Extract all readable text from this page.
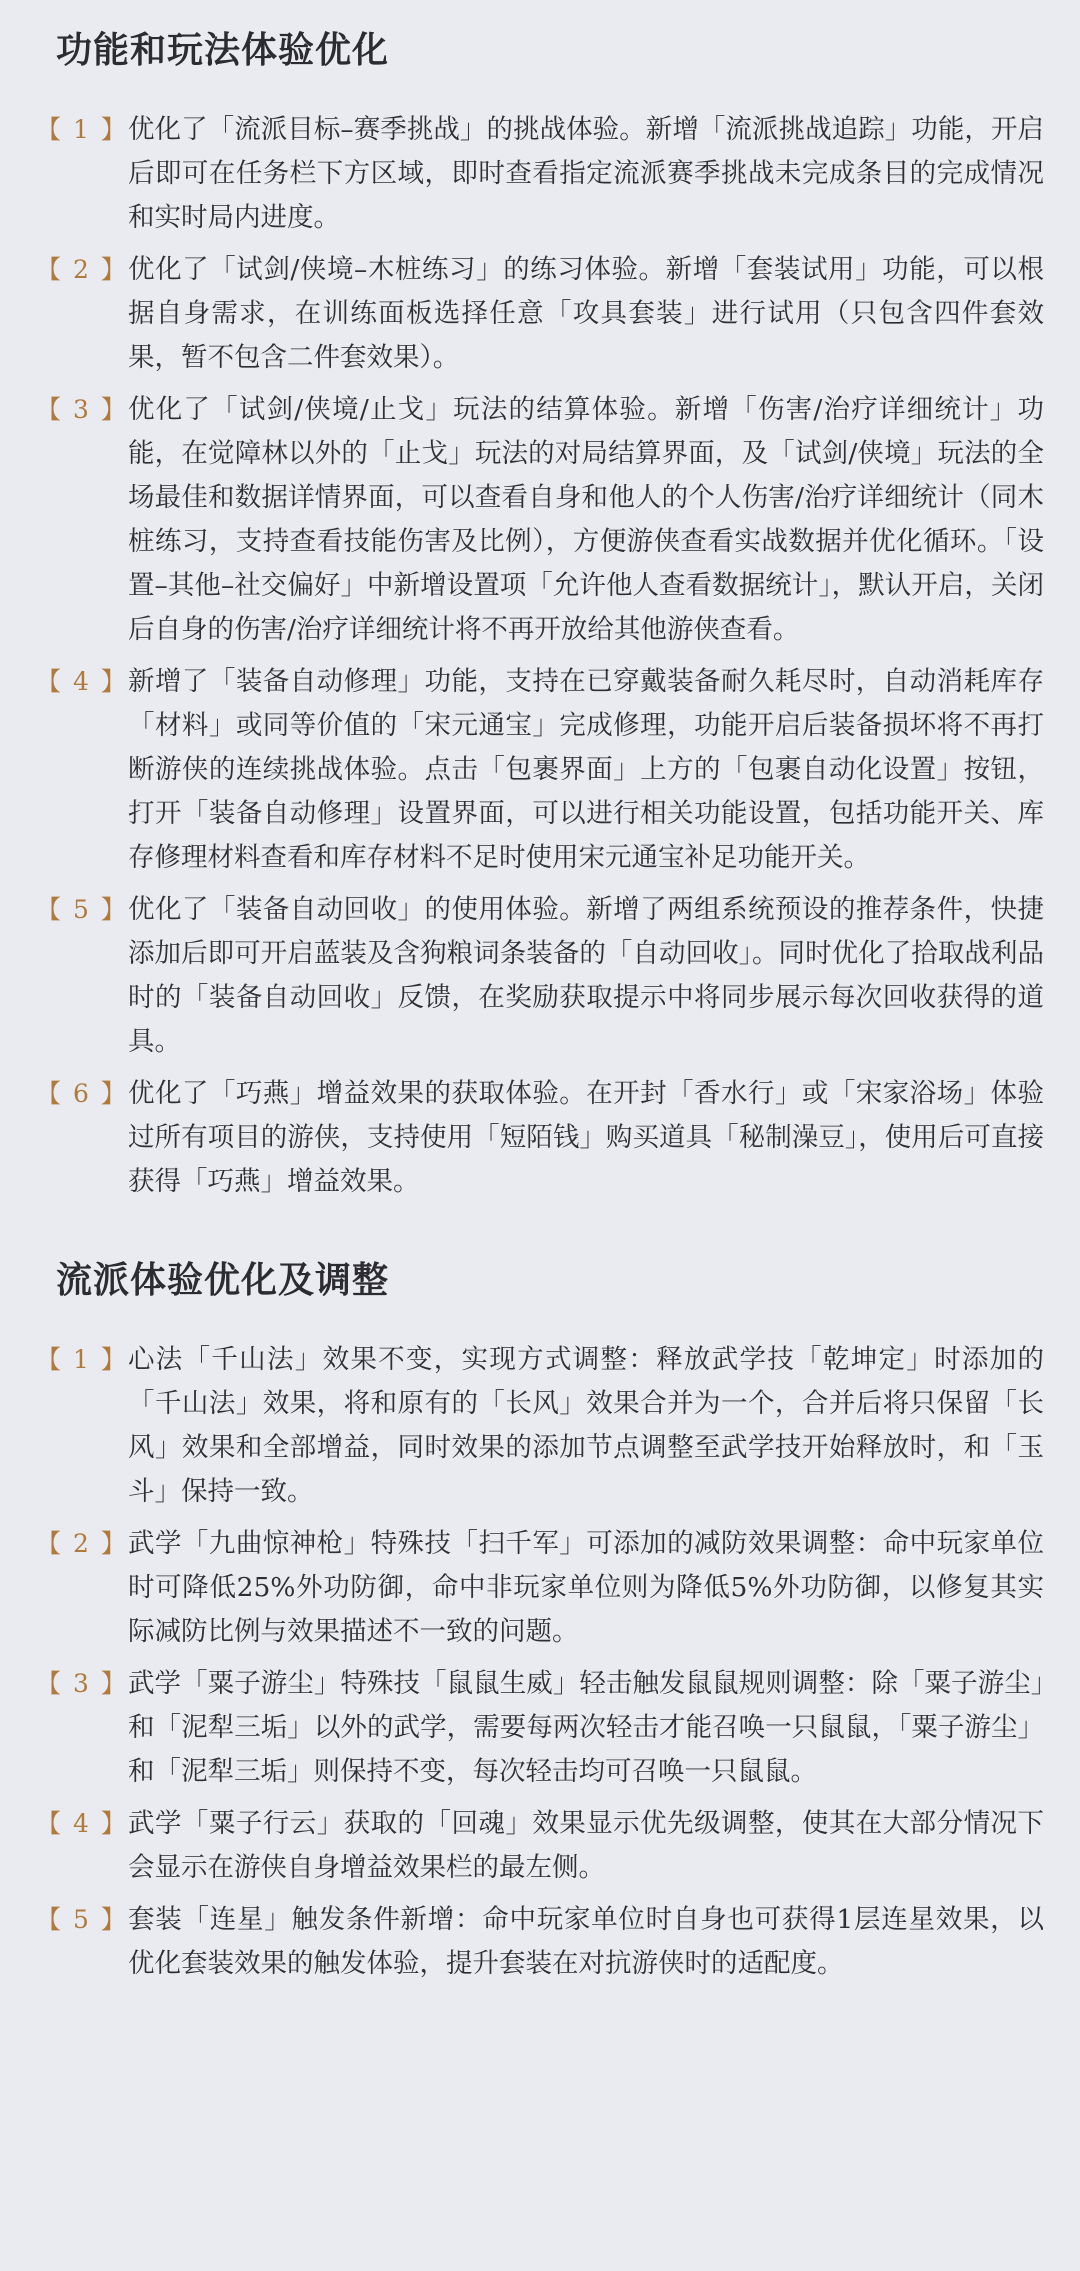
功能和玩法体验优化
【 1 】 优化了「流派目标–赛季挑战」的挑战体验。新增「流派挑战追踪」功能，开启后即可在任务栏下方区域，即时查看指定流派赛季挑战未完成条目的完成情况和实时局内进度。
【 2 】 优化了「试剑/侠境–木桩练习」的练习体验。新增「套装试用」功能，可以根据自身需求，在训练面板选择任意「攻具套装」进行试用（只包含四件套效果，暂不包含二件套效果）。
【 3 】 优化了「试剑/侠境/止戈」玩法的结算体验。新增「伤害/治疗详细统计」功能，在觉障林以外的「止戈」玩法的对局结算界面，及「试剑/侠境」玩法的全场最佳和数据详情界面，可以查看自身和他人的个人伤害/治疗详细统计（同木桩练习，支持查看技能伤害及比例），方便游侠查看实战数据并优化循环。「设置–其他–社交偏好」中新增设置项「允许他人查看数据统计」，默认开启，关闭后自身的伤害/治疗详细统计将不再开放给其他游侠查看。
【 4 】 新增了「装备自动修理」功能，支持在已穿戴装备耐久耗尽时，自动消耗库存「材料」或同等价值的「宋元通宝」完成修理，功能开启后装备损坏将不再打断游侠的连续挑战体验。点击「包裹界面」上方的「包裹自动化设置」按钮，打开「装备自动修理」设置界面，可以进行相关功能设置，包括功能开关、库存修理材料查看和库存材料不足时使用宋元通宝补足功能开关。
【 5 】 优化了「装备自动回收」的使用体验。新增了两组系统预设的推荐条件，快捷添加后即可开启蓝装及含狗粮词条装备的「自动回收」。同时优化了拾取战利品时的「装备自动回收」反馈，在奖励获取提示中将同步展示每次回收获得的道具。
【 6 】 优化了「巧燕」增益效果的获取体验。在开封「香水行」或「宋家浴场」体验过所有项目的游侠，支持使用「短陌钱」购买道具「秘制澡豆」，使用后可直接获得「巧燕」增益效果。
流派体验优化及调整
【 1 】 心法「千山法」效果不变，实现方式调整：释放武学技「乾坤定」时添加的「千山法」效果，将和原有的「长风」效果合并为一个，合并后将只保留「长风」效果和全部增益，同时效果的添加节点调整至武学技开始释放时，和「玉斗」保持一致。
【 2 】 武学「九曲惊神枪」特殊技「扫千军」可添加的减防效果调整：命中玩家单位时可降低25%外功防御，命中非玩家单位则为降低5%外功防御，以修复其实际减防比例与效果描述不一致的问题。
【 3 】 武学「粟子游尘」特殊技「鼠鼠生威」轻击触发鼠鼠规则调整：除「粟子游尘」和「泥犁三垢」以外的武学，需要每两次轻击才能召唤一只鼠鼠，「粟子游尘」和「泥犁三垢」则保持不变，每次轻击均可召唤一只鼠鼠。
【 4 】 武学「粟子行云」获取的「回魂」效果显示优先级调整，使其在大部分情况下会显示在游侠自身增益效果栏的最左侧。
【 5 】 套装「连星」触发条件新增：命中玩家单位时自身也可获得1层连星效果，以优化套装效果的触发体验，提升套装在对抗游侠时的适配度。
